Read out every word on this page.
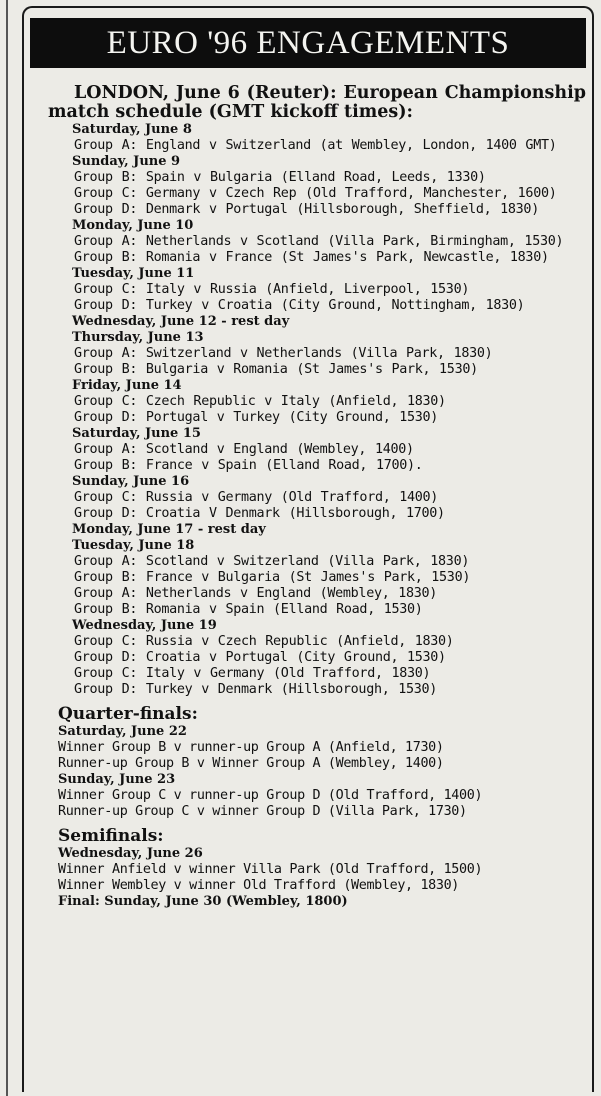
EURO '96 ENGAGEMENTS
LONDON, June 6 (Reuter): European Championship match schedule (GMT kickoff times):
Saturday, June 8
Group A: England v Switzerland (at Wembley, London, 1400 GMT)
Sunday, June 9
Group B: Spain v Bulgaria (Elland Road, Leeds, 1330)
Group C: Germany v Czech Rep (Old Trafford, Manchester, 1600)
Group D: Denmark v Portugal (Hillsborough, Sheffield, 1830)
Monday, June 10
Group A: Netherlands v Scotland (Villa Park, Birmingham, 1530)
Group B: Romania v France (St James's Park, Newcastle, 1830)
Tuesday, June 11
Group C: Italy v Russia (Anfield, Liverpool, 1530)
Group D: Turkey v Croatia (City Ground, Nottingham, 1830)
Wednesday, June 12 - rest day
Thursday, June 13
Group A: Switzerland v Netherlands (Villa Park, 1830)
Group B: Bulgaria v Romania (St James's Park, 1530)
Friday, June 14
Group C: Czech Republic v Italy (Anfield, 1830)
Group D: Portugal v Turkey (City Ground, 1530)
Saturday, June 15
Group A: Scotland v England (Wembley, 1400)
Group B: France v Spain (Elland Road, 1700).
Sunday, June 16
Group C: Russia v Germany (Old Trafford, 1400)
Group D: Croatia V Denmark (Hillsborough, 1700)
Monday, June 17 - rest day
Tuesday, June 18
Group A: Scotland v Switzerland (Villa Park, 1830)
Group B: France v Bulgaria (St James's Park, 1530)
Group A: Netherlands v England (Wembley, 1830)
Group B: Romania v Spain (Elland Road, 1530)
Wednesday, June 19
Group C: Russia v Czech Republic (Anfield, 1830)
Group D: Croatia v Portugal (City Ground, 1530)
Group C: Italy v Germany (Old Trafford, 1830)
Group D: Turkey v Denmark (Hillsborough, 1530)
Quarter-finals:
Saturday, June 22
Winner Group B v runner-up Group A (Anfield, 1730)
Runner-up Group B v Winner Group A (Wembley, 1400)
Sunday, June 23
Winner Group C v runner-up Group D (Old Trafford, 1400)
Runner-up Group C v winner Group D (Villa Park, 1730)
Semifinals:
Wednesday, June 26
Winner Anfield v winner Villa Park (Old Trafford, 1500)
Winner Wembley v winner Old Trafford (Wembley, 1830)
Final: Sunday, June 30 (Wembley, 1800)
